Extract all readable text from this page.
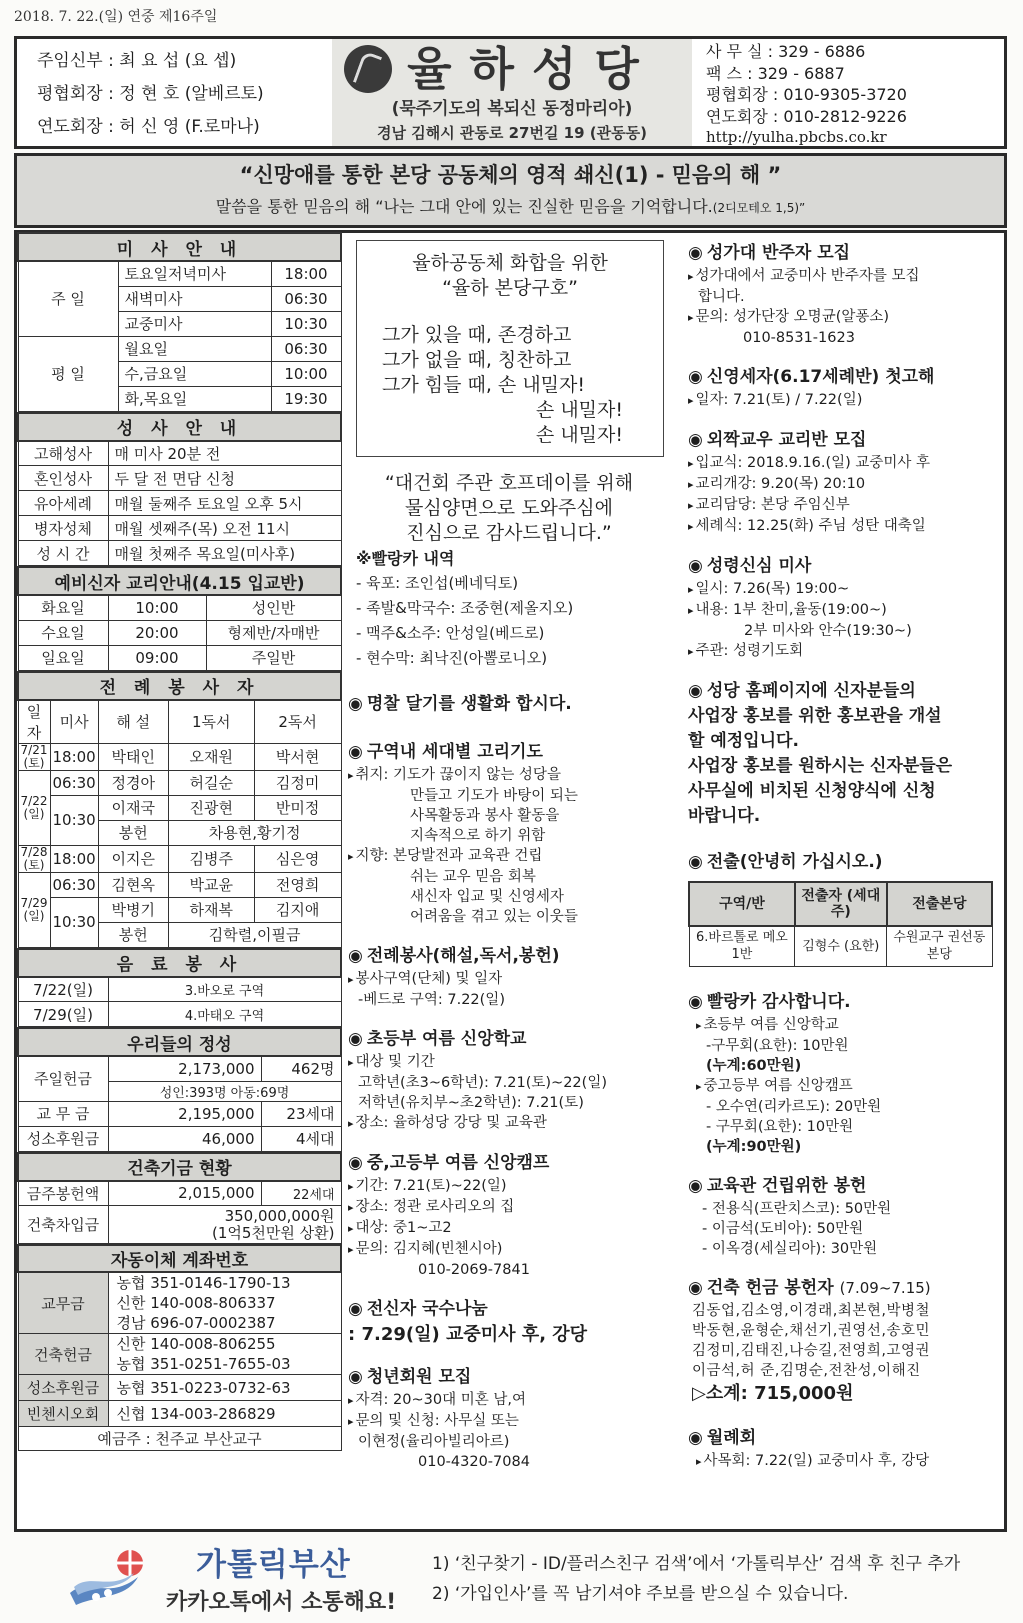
2018. 7. 22.(일) 연중 제16주일
주임신부 : 최 요 섭 (요 셉)
평협회장 : 정 현 호 (알베르토)
연도회장 : 허 신 영 (F.로마나)
율하성당
(묵주기도의 복되신 동정마리아)
경남 김해시 관동로 27번길 19 (관동동)
사 무 실 : 329 - 6886
팩 스 : 329 - 6887
평협회장 : 010-9305-3720
연도회장 : 010-2812-9226
http://yulha.pbcbs.co.kr
“신망애를 통한 본당 공동체의 영적 쇄신(1) - 믿음의 해 ”
말씀을 통한 믿음의 해 “나는 그대 안에 있는 진실한 믿음을 기억합니다.(2디모테오 1,5)”
미 사 안 내		
주 일	토요일저녁미사	18:00
	새벽미사	06:30
	교중미사	10:30
평 일	월요일	06:30
	수,금요일	10:00
	화,목요일	19:30
성 사 안 내	
고해성사	매 미사 20분 전
혼인성사	두 달 전 면담 신청
유아세례	매월 둘째주 토요일 오후 5시
병자성체	매월 셋째주(목) 오전 11시
성 시 간	매월 첫째주 목요일(미사후)
예비신자 교리안내(4.15 입교반)		
화요일	10:00	성인반
수요일	20:00	형제반/자매반
일요일	09:00	주일반
전 례 봉 사 자				
일자	미사	해 설	1독서	2독서
7/21 (토)	18:00	박태인	오재원	박서현
7/22 (일)	06:30	정경아	허길순	김정미
	10:30	이재국	진광현	반미정
		봉헌	차용현,황기정	
7/28 (토)	18:00	이지은	김병주	심은영
7/29 (일)	06:30	김현옥	박교윤	전영희
	10:30	박병기	하재복	김지애
		봉헌	김학렬,이필금	
음 료 봉 사	
7/22(일)	3.바오로 구역
7/29(일)	4.마태오 구역
우리들의 정성		
주일헌금	2,173,000	462명
	성인:393명 아동:69명	
교 무 금	2,195,000	23세대
성소후원금	46,000	4세대
건축기금 현황		
금주봉헌액	2,015,000	22세대
건축차입금	350,000,000원
(1억5천만원 상환)	
자동이체 계좌번호	
교무금	농협 351-0146-1790-13
신한 140-008-806337
경남 696-07-0002387

건축헌금	신한 140-008-806255
농협 351-0251-7655-03

성소후원금	농협 351-0223-0732-63
빈첸시오회	신협 134-003-286829
예금주 : 천주교 부산교구	
율하공동체 화합을 위한
“율하 본당구호”
그가 있을 때, 존경하고
그가 없을 때, 칭찬하고
그가 힘들 때, 손 내밀자!
손 내밀자!
손 내밀자!
“대건회 주관 호프데이를 위해
물심양면으로 도와주심에
진심으로 감사드립니다.”
※빨랑카 내역
- 육포: 조인섭(베네딕토)
- 족발&막국수: 조중현(제올지오)
- 맥주&소주: 안성일(베드로)
- 현수막: 최낙진(아뽈로니오)
◉ 명찰 달기를 생활화 합시다.
◉ 구역내 세대별 고리기도
▸ 취지: 기도가 끊이지 않는 성당을
만들고 기도가 바탕이 되는
사목활동과 봉사 활동을
지속적으로 하기 위함
▸ 지향: 본당발전과 교육관 건립
쉬는 교우 믿음 회복
새신자 입교 및 신영세자
어려움을 겪고 있는 이웃들
◉ 전례봉사(해설,독서,봉헌)
▸ 봉사구역(단체) 및 일자
-베드로 구역: 7.22(일)
◉ 초등부 여름 신앙학교
▸ 대상 및 기간
고학년(초3~6학년): 7.21(토)~22(일)
저학년(유치부~초2학년): 7.21(토)
▸ 장소: 율하성당 강당 및 교육관
◉ 중,고등부 여름 신앙캠프
▸ 기간: 7.21(토)~22(일)
▸ 장소: 정관 로사리오의 집
▸ 대상: 중1~고2
▸ 문의: 김지혜(빈첸시아)
010-2069-7841
◉ 전신자 국수나눔
: 7.29(일) 교중미사 후, 강당
◉ 청년회원 모집
▸ 자격: 20~30대 미혼 남,여
▸ 문의 및 신청: 사무실 또는
이현정(율리아빌리아르)
010-4320-7084
◉ 성가대 반주자 모집
▸ 성가대에서 교중미사 반주자를 모집
합니다.
▸ 문의: 성가단장 오명균(알퐁소)
010-8531-1623
◉ 신영세자(6.17세례반) 첫고해
▸ 일자: 7.21(토) / 7.22(일)
◉ 외짝교우 교리반 모집
▸ 입교식: 2018.9.16.(일) 교중미사 후
▸ 교리개강: 9.20(목) 20:10
▸ 교리담당: 본당 주임신부
▸ 세례식: 12.25(화) 주님 성탄 대축일
◉ 성령신심 미사
▸ 일시: 7.26(목) 19:00~
▸ 내용: 1부 찬미,율동(19:00~)
2부 미사와 안수(19:30~)
▸ 주관: 성령기도회
◉ 성당 홈페이지에 신자분들의
사업장 홍보를 위한 홍보관을 개설
할 예정입니다.
사업장 홍보를 원하시는 신자분들은
사무실에 비치된 신청양식에 신청
바랍니다.
◉ 전출(안녕히 가십시오.)
구역/반	전출자 (세대주)	전출본당
6.바르톨로 메오 1반	김형수 (요한)	수원교구 권선동본당
◉ 빨랑카 감사합니다.
▸ 초등부 여름 신앙학교
-구무회(요한): 10만원
(누계:60만원)
▸ 중고등부 여름 신앙캠프
- 오수연(리카르도): 20만원
- 구무회(요한): 10만원
(누계:90만원)
◉ 교육관 건립위한 봉헌
- 전용식(프란치스코): 50만원
- 이금석(도비아): 50만원
- 이옥경(세실리아): 30만원
◉ 건축 헌금 봉헌자 (7.09~7.15)
김동업,김소영,이경래,최본현,박병철
박동현,윤형순,채선기,권영선,송호민
김정미,김태진,나승길,전영희,고영권
이금석,허 준,김명순,전찬성,이해진
▷소계: 715,000원
◉ 월례회
▸ 사목회: 7.22(일) 교중미사 후, 강당
가톨릭부산
카카오톡에서 소통해요!
1) ‘친구찾기 - ID/플러스친구 검색’에서 ‘가톨릭부산’ 검색 후 친구 추가
2) ‘가입인사’를 꼭 남기셔야 주보를 받으실 수 있습니다.
